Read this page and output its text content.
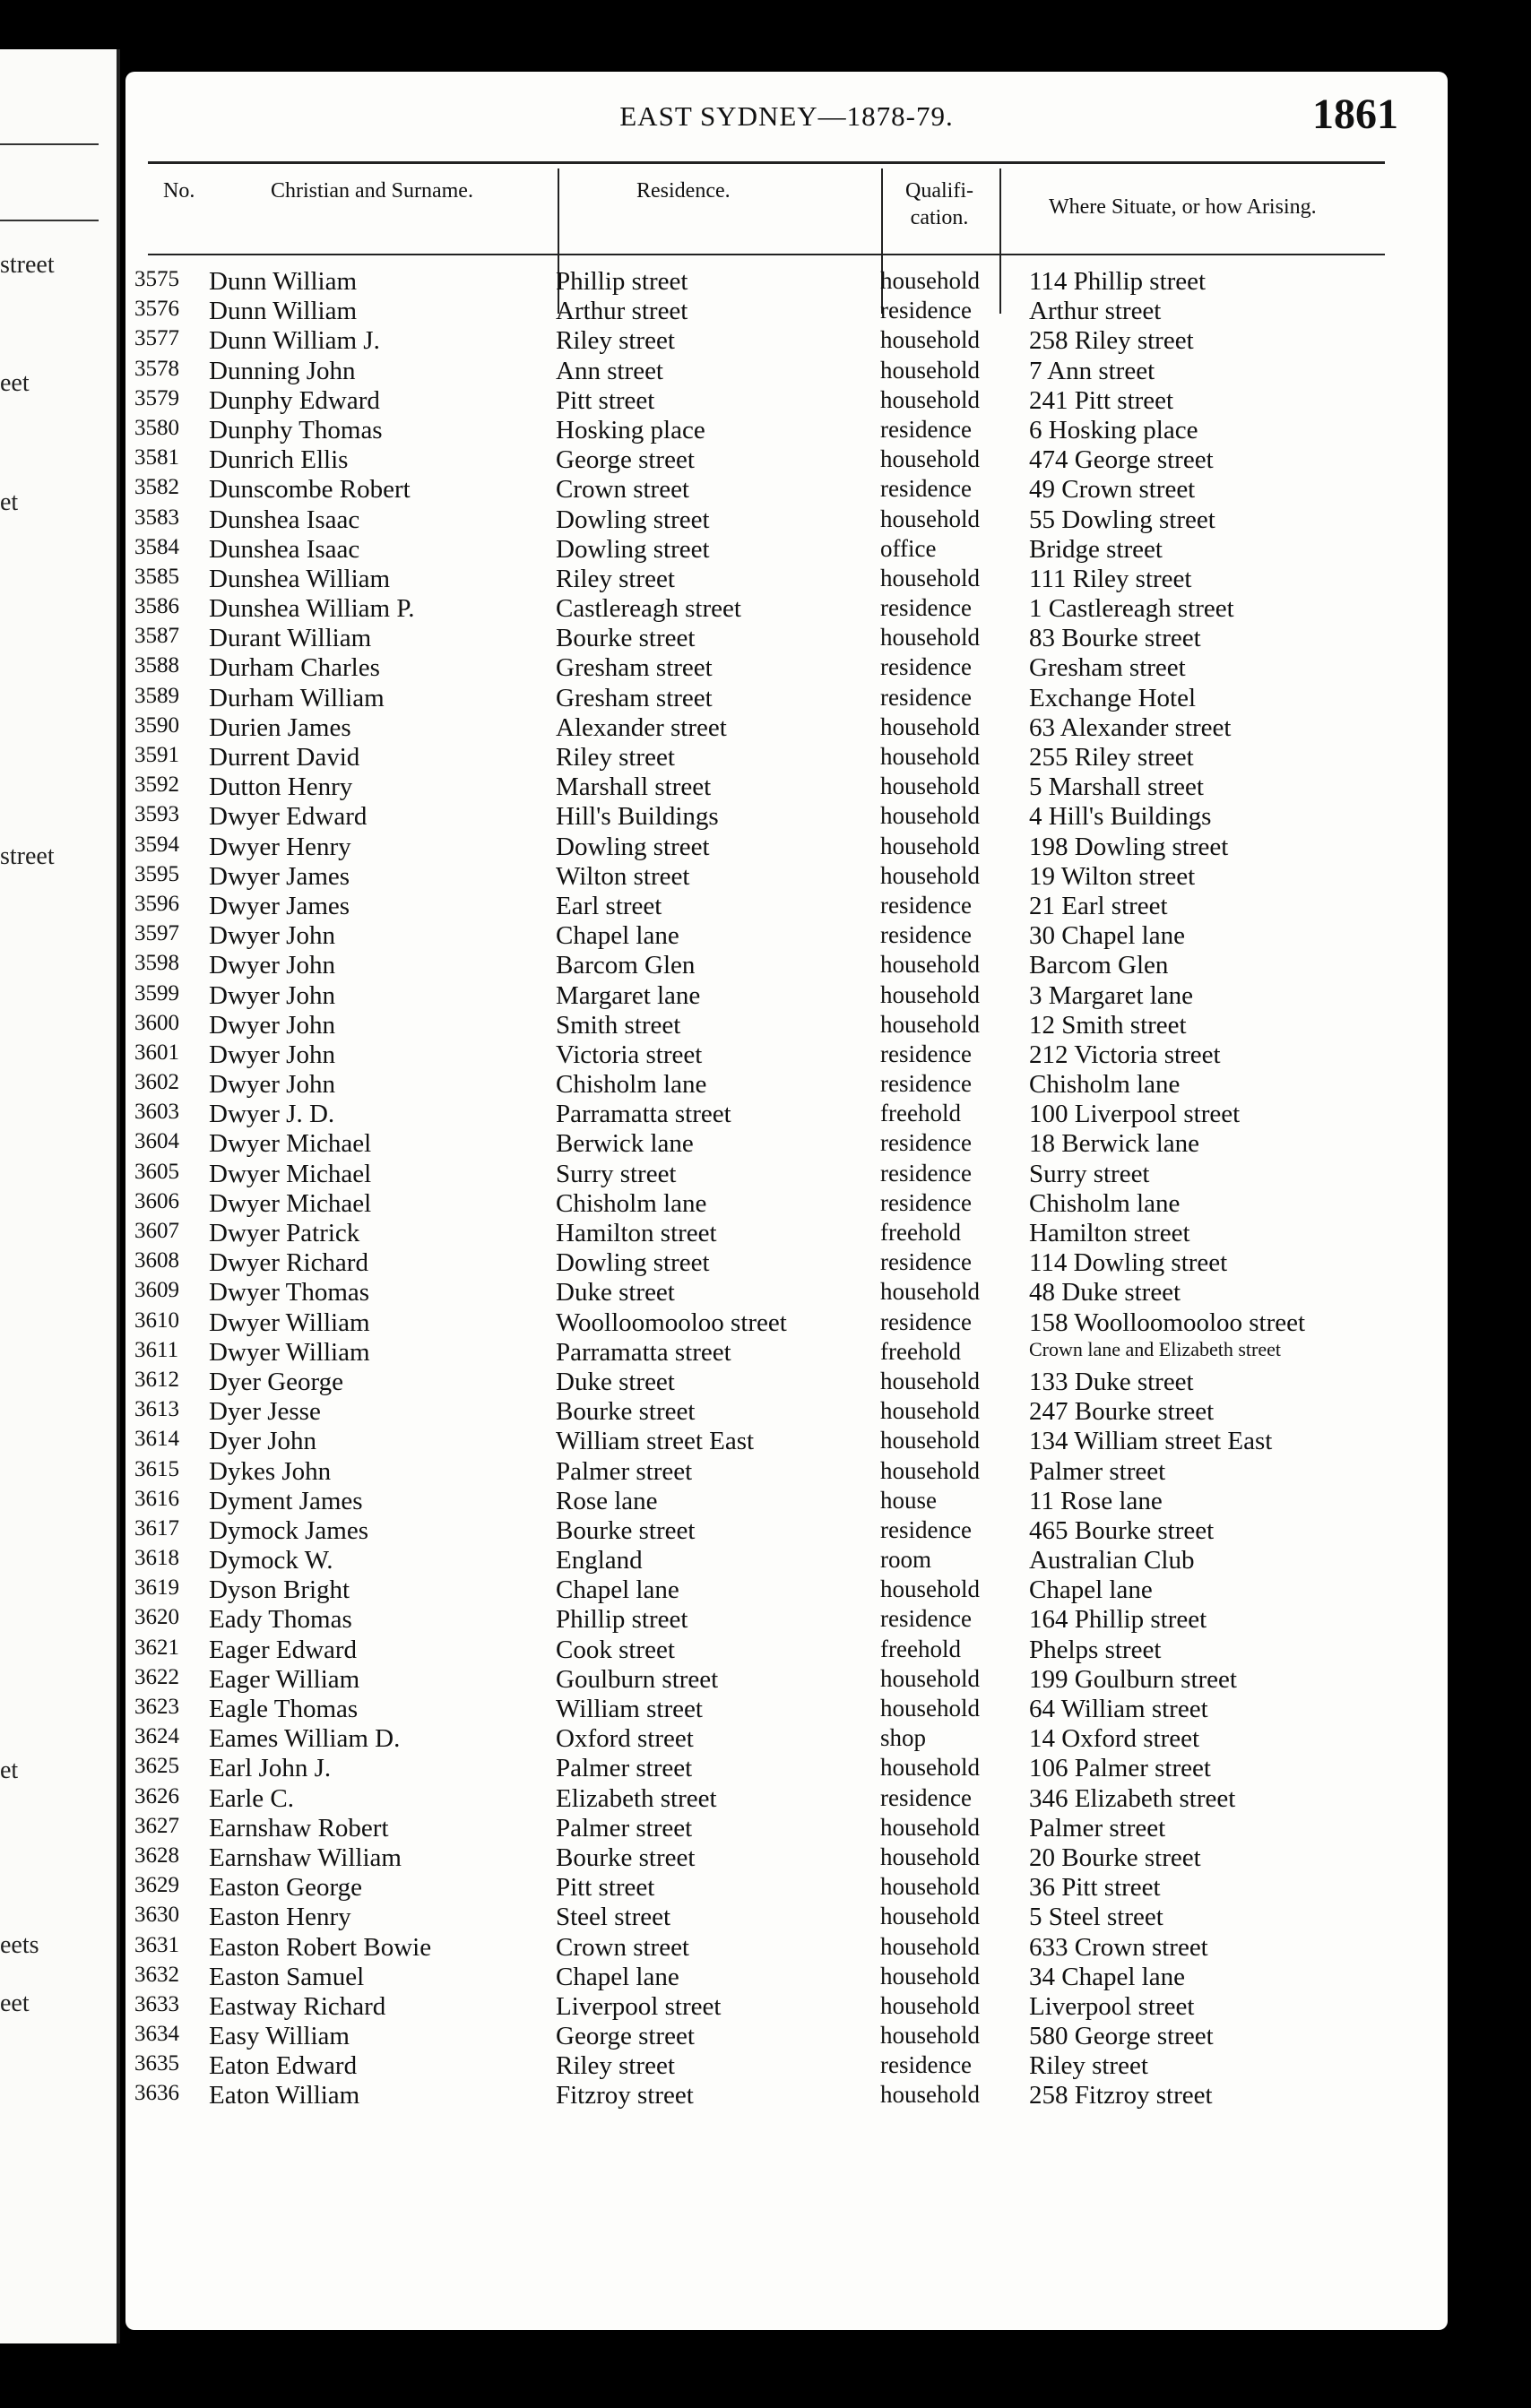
street
eet
et
street
et
eets
eet
EAST SYDNEY—1878-79.	1861
No.	Christian and Surname.	Residence.	Qualifi-
cation.	Where Situate, or how Arising.
3575 Dunn William	Phillip street	household 114 Phillip street
3576 Dunn William	Arthur street	residence Arthur street
3577 Dunn William J.	Riley street	household 258 Riley street
3578 Dunning John	Ann street	household 7 Ann street
3579 Dunphy Edward	Pitt street	household 241 Pitt street
3580 Dunphy Thomas	Hosking place	residence 6 Hosking place
3581 Dunrich Ellis	George street	household 474 George street
3582 Dunscombe Robert	Crown street	residence 49 Crown street
3583 Dunshea Isaac	Dowling street	household 55 Dowling street
3584 Dunshea Isaac	Dowling street	office	Bridge street
3585 Dunshea William	Riley street	household 111 Riley street
3586 Dunshea William P.	Castlereagh street	residence 1 Castlereagh street
3587 Durant William	Bourke street	household 83 Bourke street
3588 Durham Charles	Gresham street	residence Gresham street
3589 Durham William	Gresham street	residence Exchange Hotel
3590 Durien James	Alexander street	household 63 Alexander street
3591 Durrent David	Riley street	household 255 Riley street
3592 Dutton Henry	Marshall street	household 5 Marshall street
3593 Dwyer Edward	Hill's Buildings	household 4 Hill's Buildings
3594 Dwyer Henry	Dowling street	household 198 Dowling street
3595 Dwyer James	Wilton street	household 19 Wilton street
3596 Dwyer James	Earl street	residence 21 Earl street
3597 Dwyer John	Chapel lane	residence 30 Chapel lane
3598 Dwyer John	Barcom Glen	household Barcom Glen
3599 Dwyer John	Margaret lane	household 3 Margaret lane
3600 Dwyer John	Smith street	household 12 Smith street
3601 Dwyer John	Victoria street	residence 212 Victoria street
3602 Dwyer John	Chisholm lane	residence Chisholm lane
3603 Dwyer J. D.	Parramatta street	freehold	100 Liverpool street
3604 Dwyer Michael	Berwick lane	residence 18 Berwick lane
3605 Dwyer Michael	Surry street	residence Surry street
3606 Dwyer Michael	Chisholm lane	residence Chisholm lane
3607 Dwyer Patrick	Hamilton street	freehold	Hamilton street
3608 Dwyer Richard	Dowling street	residence 114 Dowling street
3609 Dwyer Thomas	Duke street	household 48 Duke street
3610 Dwyer William	Woolloomooloo street	residence 158 Woolloomooloo street
3611 Dwyer William	Parramatta street	freehold	Crown lane and Elizabeth street
3612 Dyer George	Duke street	household 133 Duke street
3613 Dyer Jesse	Bourke street	household 247 Bourke street
3614 Dyer John	William street East	household 134 William street East
3615 Dykes John	Palmer street	household Palmer street
3616 Dyment James	Rose lane	house	11 Rose lane
3617 Dymock James	Bourke street	residence 465 Bourke street
3618 Dymock W.	England	room	Australian Club
3619 Dyson Bright	Chapel lane	household Chapel lane
3620 Eady Thomas	Phillip street	residence 164 Phillip street
3621 Eager Edward	Cook street	freehold	Phelps street
3622 Eager William	Goulburn street	household 199 Goulburn street
3623 Eagle Thomas	William street	household 64 William street
3624 Eames William D.	Oxford street	shop	14 Oxford street
3625 Earl John J.	Palmer street	household 106 Palmer street
3626 Earle C.	Elizabeth street	residence 346 Elizabeth street
3627 Earnshaw Robert	Palmer street	household Palmer street
3628 Earnshaw William	Bourke street	household 20 Bourke street
3629 Easton George	Pitt street	household 36 Pitt street
3630 Easton Henry	Steel street	household 5 Steel street
3631 Easton Robert Bowie	Crown street	household 633 Crown street
3632 Easton Samuel	Chapel lane	household 34 Chapel lane
3633 Eastway Richard	Liverpool street	household Liverpool street
3634 Easy William	George street	household 580 George street
3635 Eaton Edward	Riley street	residence Riley street
3636 Eaton William	Fitzroy street	household 258 Fitzroy street
